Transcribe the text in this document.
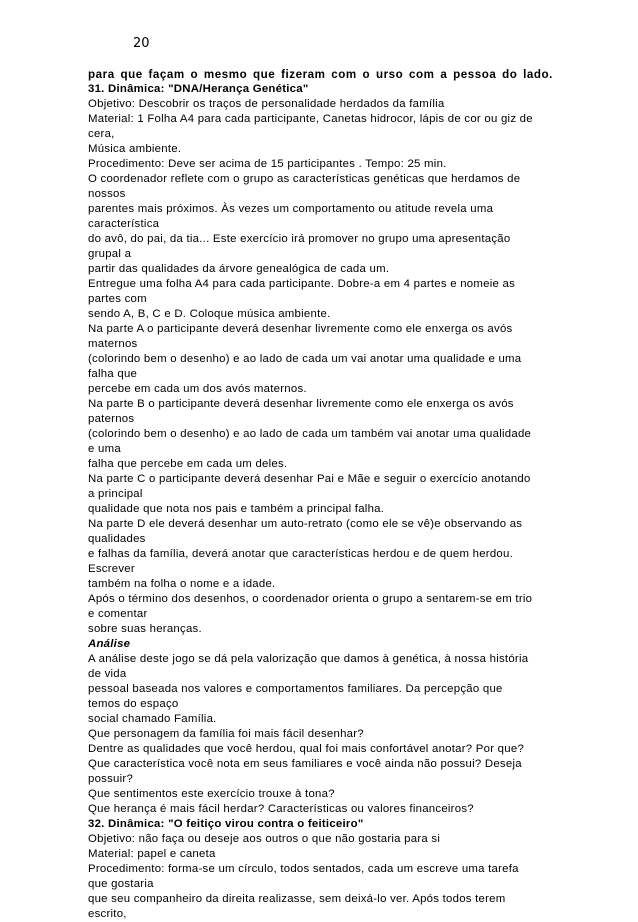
20
para que façam o mesmo que fizeram com o urso com a pessoa do lado.
31. Dinâmica: "DNA/Herança Genética"
Objetivo: Descobrir os traços de personalidade herdados da família
Material: 1 Folha A4 para cada participante, Canetas hidrocor, lápis de cor ou giz de
cera,
Música ambiente.
Procedimento: Deve ser acima de 15 participantes . Tempo: 25 min.
O coordenador reflete com o grupo as características genéticas que herdamos de
nossos
parentes mais próximos. Às vezes um comportamento ou atitude revela uma
característica
do avô, do pai, da tia... Este exercício irá promover no grupo uma apresentação
grupal a
partir das qualidades da árvore genealógica de cada um.
Entregue uma folha A4 para cada participante. Dobre-a em 4 partes e nomeie as
partes com
sendo A, B, C e D. Coloque música ambiente.
Na parte A o participante deverá desenhar livremente como ele enxerga os avós
maternos
(colorindo bem o desenho) e ao lado de cada um vai anotar uma qualidade e uma
falha que
percebe em cada um dos avós maternos.
Na parte B o participante deverá desenhar livremente como ele enxerga os avós
paternos
(colorindo bem o desenho) e ao lado de cada um também vai anotar uma qualidade
e uma
falha que percebe em cada um deles.
Na parte C o participante deverá desenhar Pai e Mãe e seguir o exercício anotando
a principal
qualidade que nota nos pais e também a principal falha.
Na parte D ele deverá desenhar um auto-retrato (como ele se vê)e observando as
qualidades
e falhas da família, deverá anotar que características herdou e de quem herdou.
Escrever
também na folha o nome e a idade.
Após o término dos desenhos, o coordenador orienta o grupo a sentarem-se em trio
e comentar
sobre suas heranças.
Análise
A análise deste jogo se dá pela valorização que damos à genética, à nossa história
de vida
pessoal baseada nos valores e comportamentos familiares. Da percepção que
temos do espaço
social chamado Família.
Que personagem da família foi mais fácil desenhar?
Dentre as qualidades que você herdou, qual foi mais confortável anotar? Por que?
Que característica você nota em seus familiares e você ainda não possui? Deseja
possuir?
Que sentimentos este exercício trouxe à tona?
Que herança é mais fácil herdar? Características ou valores financeiros?
32. Dinâmica: "O feitiço virou contra o feiticeiro"
Objetivo: não faça ou deseje aos outros o que não gostaria para si
Material: papel e caneta
Procedimento: forma-se um círculo, todos sentados, cada um escreve uma tarefa
que gostaria
que seu companheiro da direita realizasse, sem deixá-lo ver. Após todos terem
escrito,
